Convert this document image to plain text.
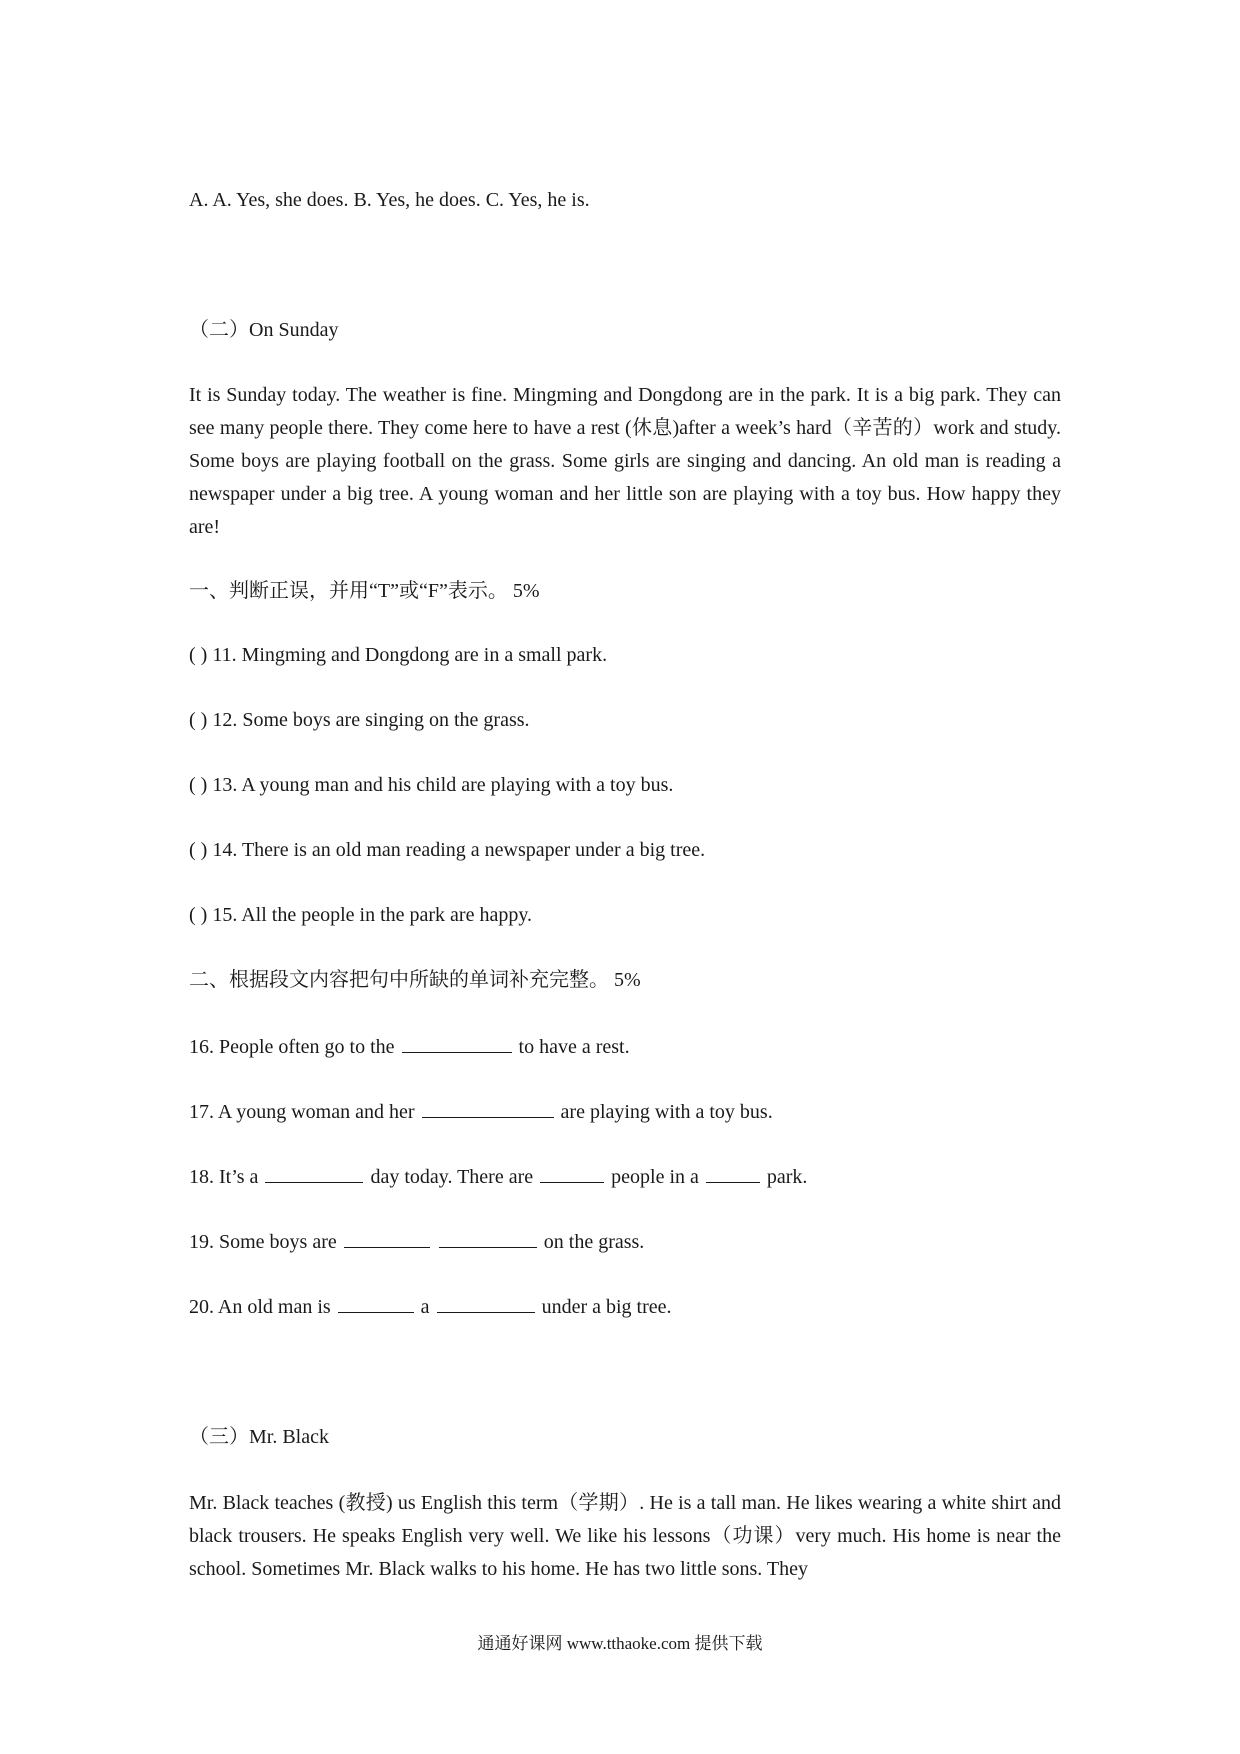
A. A. Yes, she does. B. Yes, he does. C. Yes, he is.
（二）On Sunday

It is Sunday today. The weather is fine. Mingming and Dongdong are in the park. It is a big park. They can see many people there. They come here to have a rest (休息)after a week’s hard（辛苦的）work and study. Some boys are playing football on the grass. Some girls are singing and dancing. An old man is reading a newspaper under a big tree. A young woman and her little son are playing with a toy bus. How happy they are!

一、判断正误，并用“T”或“F”表示。 5%
( ) 11. Mingming and Dongdong are in a small park.
( ) 12. Some boys are singing on the grass.
( ) 13. A young man and his child are playing with a toy bus.
( ) 14. There is an old man reading a newspaper under a big tree.
( ) 15. All the people in the park are happy.
二、根据段文内容把句中所缺的单词补充完整。 5%
16. People often go to the	to have a rest.
17. A young woman and her	are playing with a toy bus.
18. It’s a	day today. There are	people in a	park.
19. Some boys are	on the grass.
20. An old man is	a	under a big tree.
（三）Mr. Black

Mr. Black teaches (教授) us English this term（学期）. He is a tall man. He likes wearing a white shirt and black trousers. He speaks English very well. We like his lessons（功课）very much. His home is near the school. Sometimes Mr. Black walks to his home. He has two little sons. They

通通好课网 www.tthaoke.com 提供下载
